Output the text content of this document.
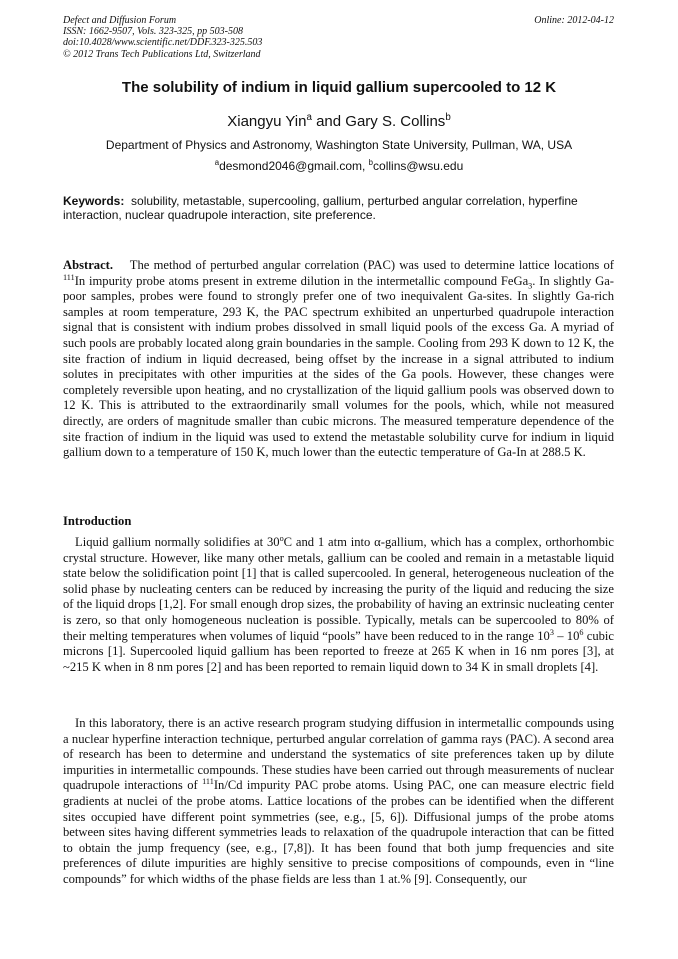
Defect and Diffusion Forum
ISSN: 1662-9507, Vols. 323-325, pp 503-508
doi:10.4028/www.scientific.net/DDF.323-325.503
© 2012 Trans Tech Publications Ltd, Switzerland
Online: 2012-04-12
The solubility of indium in liquid gallium supercooled to 12 K
Xiangyu Yin$^a$ and Gary S. Collins$^b$
Department of Physics and Astronomy, Washington State University, Pullman, WA, USA
$^a$desmond2046@gmail.com, $^b$collins@wsu.edu
Keywords: solubility, metastable, supercooling, gallium, perturbed angular correlation, hyperfine interaction, nuclear quadrupole interaction, site preference.
Abstract. The method of perturbed angular correlation (PAC) was used to determine lattice locations of $^{111}$In impurity probe atoms present in extreme dilution in the intermetallic compound FeGa$_3$. In slightly Ga-poor samples, probes were found to strongly prefer one of two inequivalent Ga-sites. In slightly Ga-rich samples at room temperature, 293 K, the PAC spectrum exhibited an unperturbed quadrupole interaction signal that is consistent with indium probes dissolved in small liquid pools of the excess Ga. A myriad of such pools are probably located along grain boundaries in the sample. Cooling from 293 K down to 12 K, the site fraction of indium in liquid decreased, being offset by the increase in a signal attributed to indium solutes in precipitates with other impurities at the sides of the Ga pools. However, these changes were completely reversible upon heating, and no crystallization of the liquid gallium pools was observed down to 12 K. This is attributed to the extraordinarily small volumes for the pools, which, while not measured directly, are orders of magnitude smaller than cubic microns. The measured temperature dependence of the site fraction of indium in the liquid was used to extend the metastable solubility curve for indium in liquid gallium down to a temperature of 150 K, much lower than the eutectic temperature of Ga-In at 288.5 K.
Introduction
Liquid gallium normally solidifies at 30$^o$C and 1 atm into α-gallium, which has a complex, orthorhombic crystal structure. However, like many other metals, gallium can be cooled and remain in a metastable liquid state below the solidification point [1] that is called supercooled. In general, heterogeneous nucleation of the solid phase by nucleating centers can be reduced by increasing the purity of the liquid and reducing the size of the liquid drops [1,2]. For small enough drop sizes, the probability of having an extrinsic nucleating center is zero, so that only homogeneous nucleation is possible. Typically, metals can be supercooled to 80% of their melting temperatures when volumes of liquid “pools” have been reduced to in the range $10^3 - 10^6$ cubic microns [1]. Supercooled liquid gallium has been reported to freeze at 265 K when in 16 nm pores [3], at ~215 K when in 8 nm pores [2] and has been reported to remain liquid down to 34 K in small droplets [4].
In this laboratory, there is an active research program studying diffusion in intermetallic compounds using a nuclear hyperfine interaction technique, perturbed angular correlation of gamma rays (PAC). A second area of research has been to determine and understand the systematics of site preferences taken up by dilute impurities in intermetallic compounds. These studies have been carried out through measurements of nuclear quadrupole interactions of $^{111}$In/Cd impurity PAC probe atoms. Using PAC, one can measure electric field gradients at nuclei of the probe atoms. Lattice locations of the probes can be identified when the different sites occupied have different point symmetries (see, e.g., [5, 6]). Diffusional jumps of the probe atoms between sites having different symmetries leads to relaxation of the quadrupole interaction that can be fitted to obtain the jump frequency (see, e.g., [7,8]). It has been found that both jump frequencies and site preferences of dilute impurities are highly sensitive to precise compositions of compounds, even in “line compounds” for which widths of the phase fields are less than 1 at.% [9]. Consequently, our
